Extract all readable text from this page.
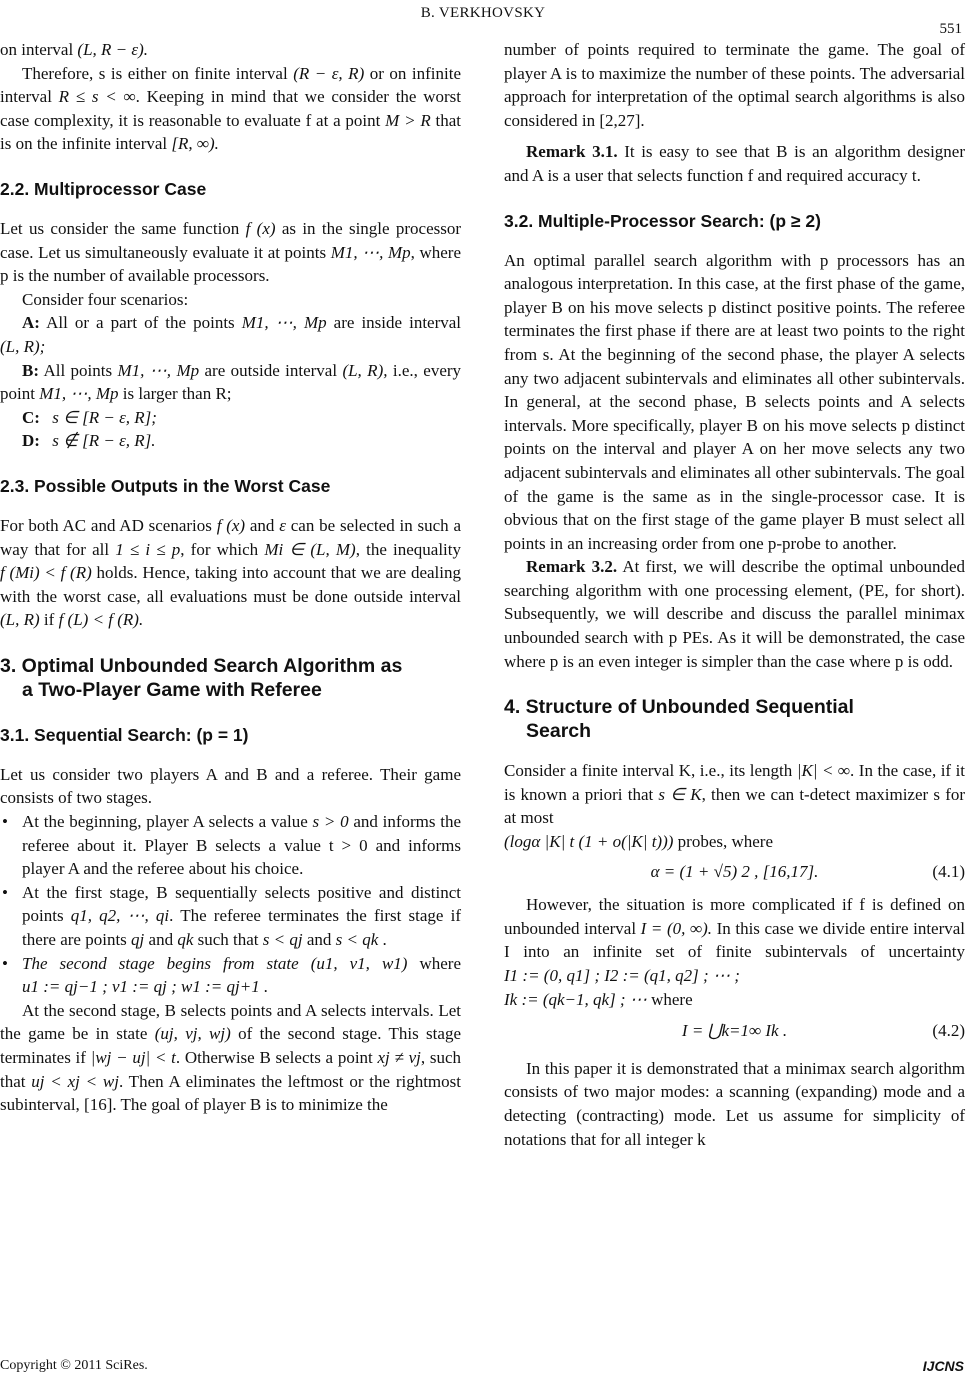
B. VERKHOVSKY
551

on interval (L, R − ε).

Therefore, s is either on finite interval (R − ε, R) or on infinite interval R ≤ s < ∞. Keeping in mind that we consider the worst case complexity, it is reasonable to evaluate f at a point M > R that is on the infinite interval [R, ∞).

2.2. Multiprocessor Case

Let us consider the same function f (x) as in the single processor case. Let us simultaneously evaluate it at points M1, ⋯, Mp, where p is the number of available processors.

Consider four scenarios:

A: All or a part of the points M1, ⋯, Mp are inside interval (L, R);

B: All points M1, ⋯, Mp are outside interval (L, R), i.e., every point M1, ⋯, Mp is larger than R;

C: s ∈ [R − ε, R];

D: s ∉ [R − ε, R].

2.3. Possible Outputs in the Worst Case

For both AC and AD scenarios f (x) and ε can be selected in such a way that for all 1 ≤ i ≤ p, for which Mi ∈ (L, M), the inequality f (Mi) < f (R) holds. Hence, taking into account that we are dealing with the worst case, all evaluations must be done outside interval (L, R) if f (L) < f (R).

3. Optimal Unbounded Search Algorithm as
a Two-Player Game with Referee
3.1. Sequential Search: (p = 1)

Let us consider two players A and B and a referee. Their game consists of two stages.

• At the beginning, player A selects a value s > 0 and informs the referee about it. Player B selects a value t > 0 and informs player A and the referee about his choice.
• At the first stage, B sequentially selects positive and distinct points q1, q2, ⋯, qi. The referee terminates the first stage if there are points qj and qk such that s < qj and s < qk .
• The second stage begins from state (u1, v1, w1) where u1 := qj−1 ; v1 := qj ; w1 := qj+1 .

At the second stage, B selects points and A selects intervals. Let the game be in state (uj, vj, wj) of the second stage. This stage terminates if |wj − uj| < t. Otherwise B selects a point xj ≠ vj, such that uj < xj < wj. Then A eliminates the leftmost or the rightmost subinterval, [16]. The goal of player B is to minimize the

number of points required to terminate the game. The goal of player A is to maximize the number of these points. The adversarial approach for interpretation of the optimal search algorithms is also considered in [2,27].

Remark 3.1. It is easy to see that B is an algorithm designer and A is a user that selects function f and required accuracy t.

3.2. Multiple-Processor Search: (p ≥ 2)

An optimal parallel search algorithm with p processors has an analogous interpretation. In this case, at the first phase of the game, player B on his move selects p distinct positive points. The referee terminates the first phase if there are at least two points to the right from s. At the beginning of the second phase, the player A selects any two adjacent subintervals and eliminates all other subintervals. In general, at the second phase, B selects points and A selects intervals. More specifically, player B on his move selects p distinct points on the interval and player A on her move selects any two adjacent subintervals and eliminates all other subintervals. The goal of the game is the same as in the single-processor case. It is obvious that on the first stage of the game player B must select all points in an increasing order from one p-probe to another.

Remark 3.2. At first, we will describe the optimal unbounded searching algorithm with one processing element, (PE, for short). Subsequently, we will describe and discuss the parallel minimax unbounded search with p PEs. As it will be demonstrated, the case where p is an even integer is simpler than the case where p is odd.

4. Structure of Unbounded Sequential
Search

Consider a finite interval K, i.e., its length |K| < ∞. In the case, if it is known a priori that s ∈ K, then we can t-detect maximizer s for at most
(logα |K| t (1 + o(|K| t))) probes, where

α = (1 + √5) 2 , [16,17].	(4.1)

However, the situation is more complicated if f is defined on unbounded interval I = (0, ∞). In this case we divide entire interval I into an infinite set of finite subintervals of uncertainty I1 := (0, q1] ; I2 := (q1, q2] ; ⋯ ;
Ik := (qk−1, qk] ; ⋯ where

I = ⋃k=1∞ Ik .	(4.2)

In this paper it is demonstrated that a minimax search algorithm consists of two major modes: a scanning (expanding) mode and a detecting (contracting) mode. Let us assume for simplicity of notations that for all integer k

Copyright © 2011 SciRes.	IJCNS
